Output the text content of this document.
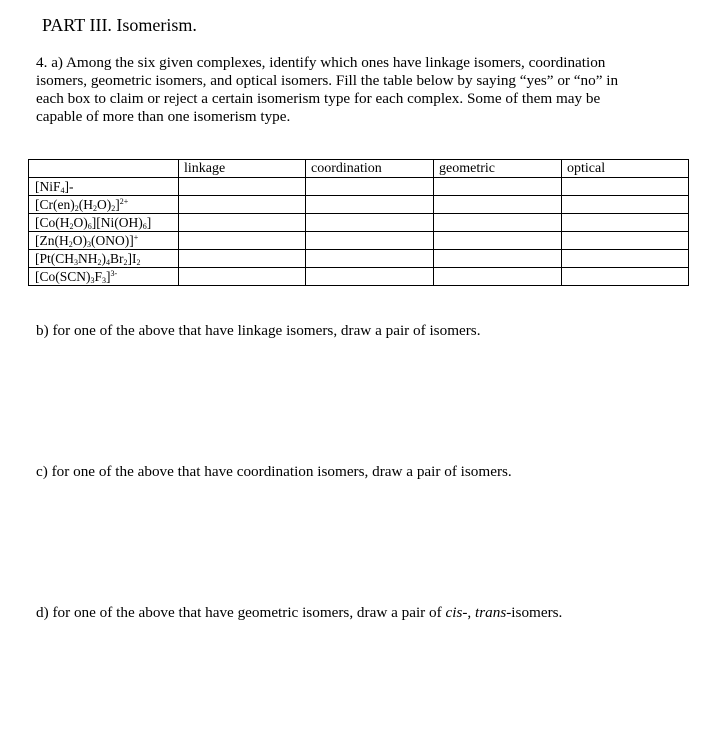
PART III. Isomerism.

4. a) Among the six given complexes, identify which ones have linkage isomers, coordination

isomers, geometric isomers, and optical isomers. Fill the table below by saying “yes” or “no” in

each box to claim or reject a certain isomerism type for each complex. Some of them may be

capable of more than one isomerism type.

	linkage	coordination	geometric	optical
[NiF$_4$]-				
$[Cr(en)_2(H_2O)_2]^{2+}$				
$[Co(H_2O)_6][Ni(OH)_6]$				
$[Zn(H_2O)_3(ONO)]^+$				
$[Pt(CH_3NH_2)_4Br_2]I_2$				
$[Co(SCN)_3F_3]^{3-}$				
b) for one of the above that have linkage isomers, draw a pair of isomers.
c) for one of the above that have coordination isomers, draw a pair of isomers.
d) for one of the above that have geometric isomers, draw a pair of cis-, trans-isomers.
